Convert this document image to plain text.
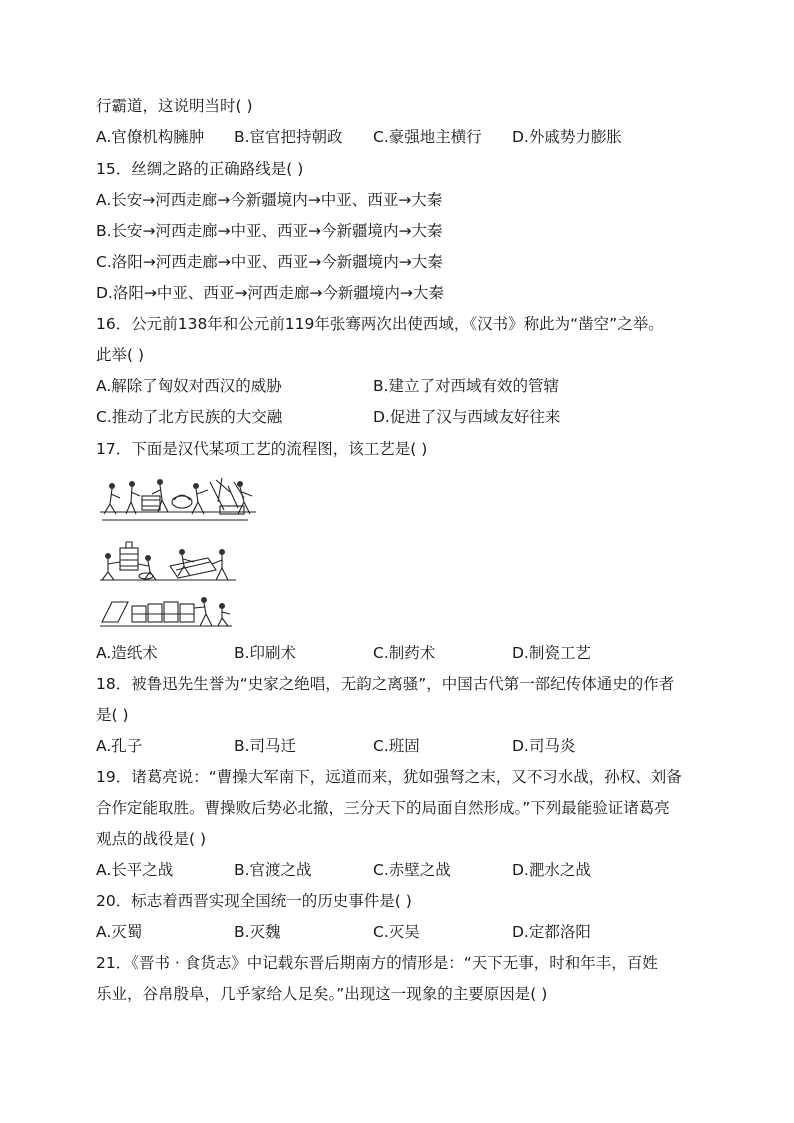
行霸道，这说明当时( )
A.官僚机构臃肿 B.宦官把持朝政 C.豪强地主横行 D.外戚势力膨胀
15．丝绸之路的正确路线是( )
A.长安→河西走廊→今新疆境内→中亚、西亚→大秦
B.长安→河西走廊→中亚、西亚→今新疆境内→大秦
C.洛阳→河西走廊→中亚、西亚→今新疆境内→大秦
D.洛阳→中亚、西亚→河西走廊→今新疆境内→大秦
16．公元前138年和公元前119年张骞两次出使西域，《汉书》称此为“凿空”之举。
此举( )
A.解除了匈奴对西汉的威胁	B.建立了对西域有效的管辖
C.推动了北方民族的大交融	D.促进了汉与西域友好往来
17．下面是汉代某项工艺的流程图，该工艺是( )
A.造纸术	B.印刷术	C.制药术	D.制瓷工艺
18．被鲁迅先生誉为“史家之绝唱，无韵之离骚”，中国古代第一部纪传体通史的作者
是( )
A.孔子	B.司马迁	C.班固	D.司马炎
19．诸葛亮说：“曹操大军南下，远道而来，犹如强弩之末，又不习水战，孙权、刘备
合作定能取胜。曹操败后势必北撤，三分天下的局面自然形成。”下列最能验证诸葛亮
观点的战役是( )
A.长平之战	B.官渡之战	C.赤壁之战	D.淝水之战
20．标志着西晋实现全国统一的历史事件是( )
A.灭蜀	B.灭魏	C.灭吴	D.定都洛阳
21．《晋书 · 食货志》中记载东晋后期南方的情形是：“天下无事，时和年丰，百姓
乐业，谷帛殷阜，几乎家给人足矣。”出现这一现象的主要原因是( )
